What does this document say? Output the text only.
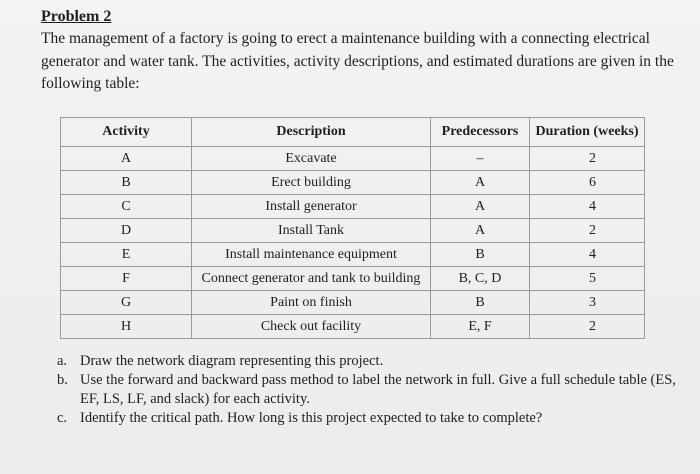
Problem 2
The management of a factory is going to erect a maintenance building with a connecting electrical generator and water tank. The activities, activity descriptions, and estimated durations are given in the following table:
Activity	Description	Predecessors	Duration (weeks)
A	Excavate	–	2
B	Erect building	A	6
C	Install generator	A	4
D	Install Tank	A	2
E	Install maintenance equipment	B	4
F	Connect generator and tank to building	B, C, D	5
G	Paint on finish	B	3
H	Check out facility	E, F	2
a. Draw the network diagram representing this project.
b. Use the forward and backward pass method to label the network in full. Give a full schedule table (ES, EF, LS, LF, and slack) for each activity.
c. Identify the critical path. How long is this project expected to take to complete?
